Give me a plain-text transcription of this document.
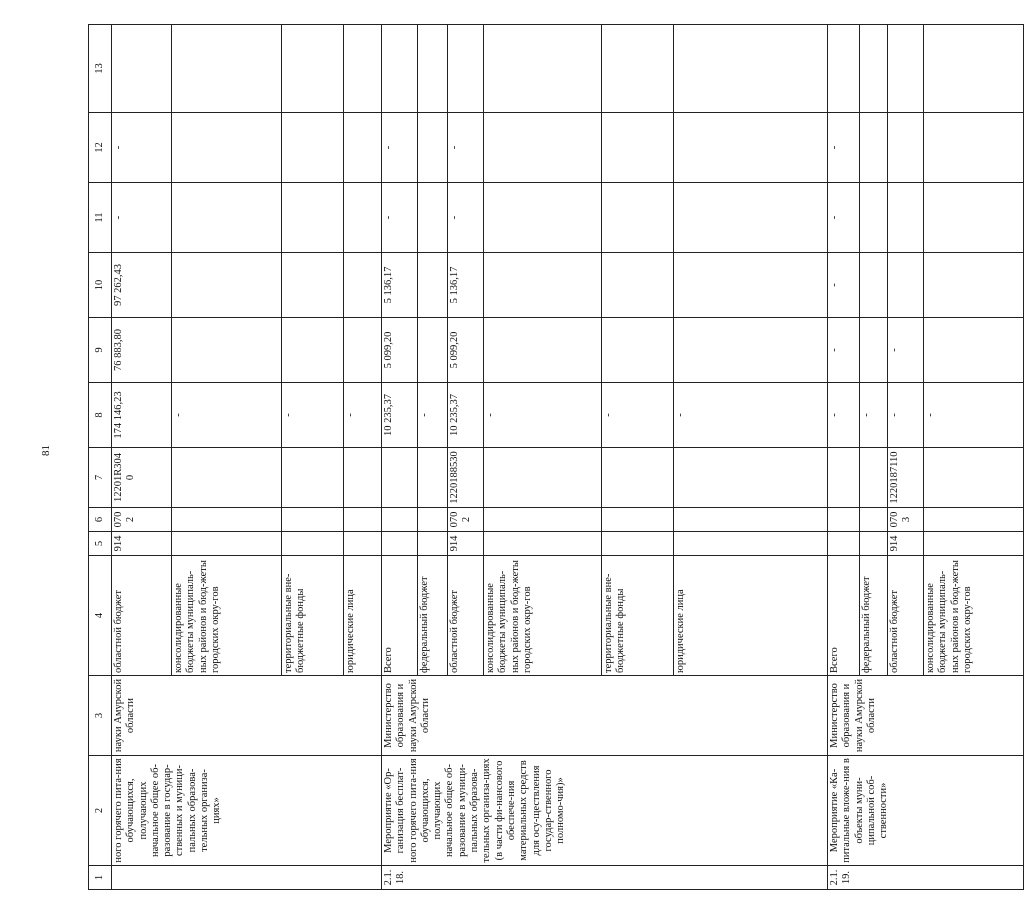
81
1	2	3	4	5	6	7	8	9	10	11	12	13
	ного горячего пита-ния обучающихся, получающих начальное общее об-разование в государ-ственных и муници-пальных образова-тельных организа-циях»	науки Амурской области	областной бюджет	914	0702	12201R304 0	174 146,23	76 883,80	97 262,43	-	-	
			консолидированные бюджеты муниципаль-ных районов и бюд-жеты городских окру-гов				-					
			территориальные вне-бюджетные фонды				-					
			юридические лица				-					
2.1.18.	Мероприятие «Ор-ганизация бесплат-ного горячего пита-ния обучающихся, получающих начальное общее об-разование в муници-пальных образова-тельных организа-циях (в части фи-нансового обеспече-ния материальных средств для осу-ществления государ-ственного полномо-чия)»	Министерство образования и науки Амурской области	Всего				10 235,37	5 099,20	5 136,17	-	-	
			федеральный бюджет				-					
			областной бюджет	914	0702	1220188530	10 235,37	5 099,20	5 136,17	-	-	
			консолидированные бюджеты муниципаль-ных районов и бюд-жеты городских окру-гов				-					
			территориальные вне-бюджетные фонды				-					
			юридические лица				-					
2.1.19.	Мероприятие «Ка-питальные вложе-ния в объекты муни-ципальной соб-ственности»	Министерство образования и науки Амурской области	Всего				-	-	-	-	-	
			федеральный бюджет				-					
			областной бюджет	914	0703	1220187110	-	-				
			консолидированные бюджеты муниципаль-ных районов и бюд-жеты городских окру-гов				-					
